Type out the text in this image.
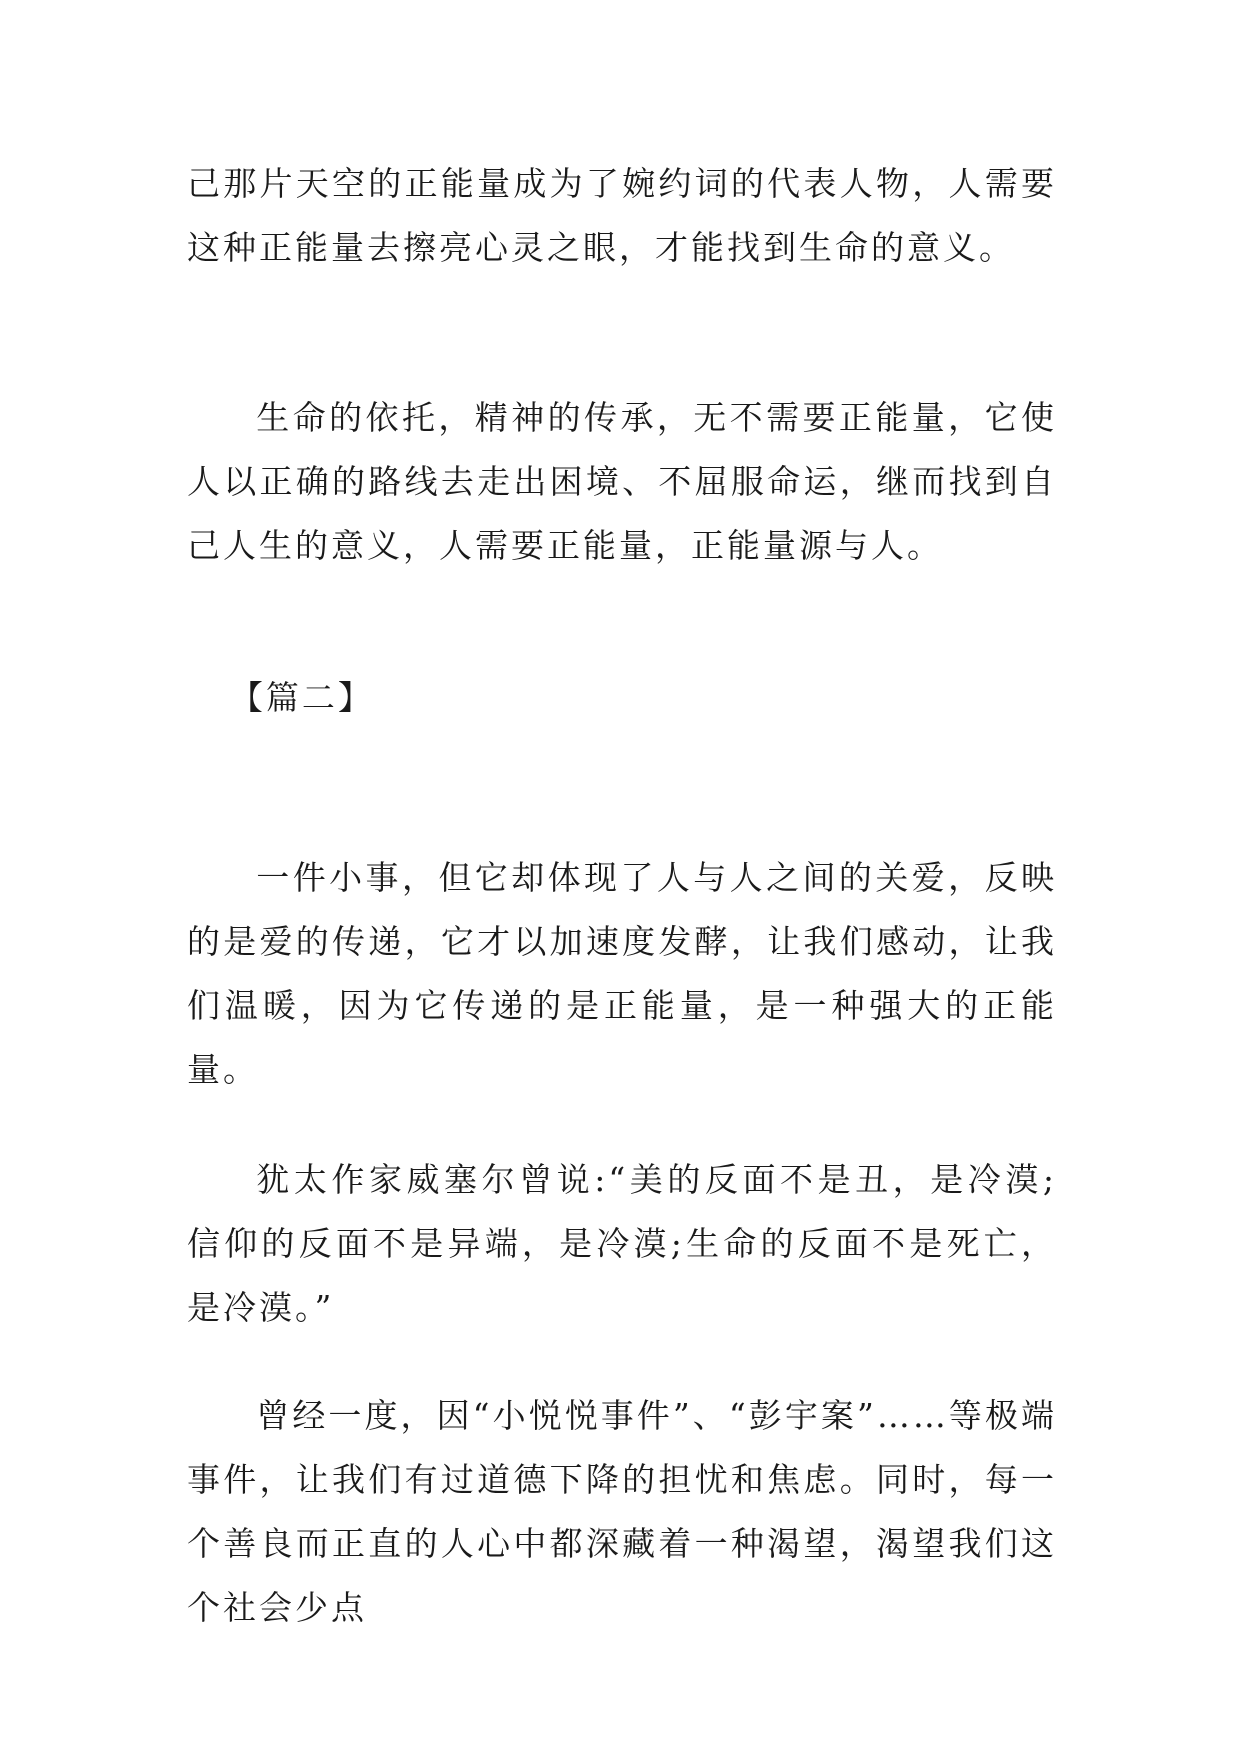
己那片天空的正能量成为了婉约词的代表人物，人需要这种正能量去擦亮心灵之眼，才能找到生命的意义。

生命的依托，精神的传承，无不需要正能量，它使人以正确的路线去走出困境、不屈服命运，继而找到自己人生的意义，人需要正能量，正能量源与人。

【篇二】

一件小事，但它却体现了人与人之间的关爱，反映的是爱的传递，它才以加速度发酵，让我们感动，让我们温暖，因为它传递的是正能量，是一种强大的正能量。

犹太作家威塞尔曾说:“美的反面不是丑，是冷漠;信仰的反面不是异端，是冷漠;生命的反面不是死亡，是冷漠。”

曾经一度，因“小悦悦事件”、“彭宇案”……等极端事件，让我们有过道德下降的担忧和焦虑。同时，每一个善良而正直的人心中都深藏着一种渴望，渴望我们这个社会少点
